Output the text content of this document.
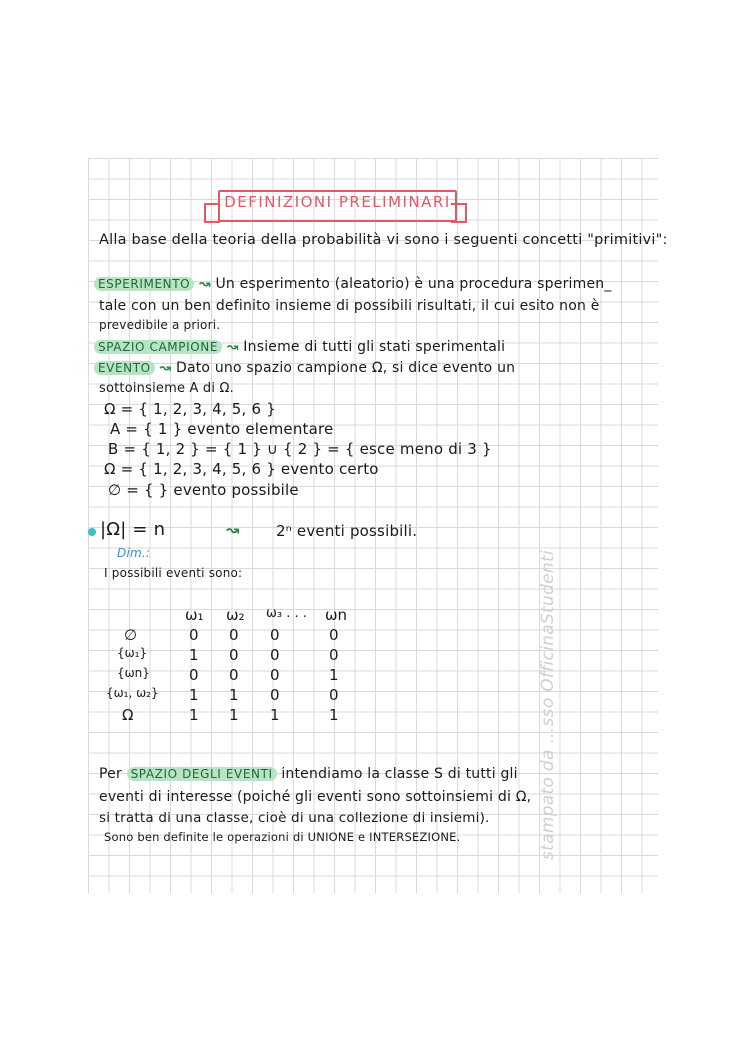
DEFINIZIONI PRELIMINARI
Alla base della teoria della probabilità vi sono i seguenti concetti "primitivi":
ESPERIMENTO ↝ Un esperimento (aleatorio) è una procedura sperimen_
tale con un ben definito insieme di possibili risultati, il cui esito non è
prevedibile a priori.
SPAZIO CAMPIONE ↝ Insieme di tutti gli stati sperimentali
EVENTO ↝ Dato uno spazio campione Ω, si dice evento un
sottoinsieme A di Ω.
Ω = { 1, 2, 3, 4, 5, 6 }
A = { 1 } evento elementare
B = { 1, 2 } = { 1 } ∪ { 2 } = { esce meno di 3 }
Ω = { 1, 2, 3, 4, 5, 6 } evento certo
∅ = { } evento possibile
|Ω| = n	↝ 2ⁿ eventi possibili.
Dim.:
I possibili eventi sono:
ω₁ ω₂ ω₃ . . . ωn
∅	0 0 0	0
{ω₁}	1 0 0	0
{ωn}	0 0 0	1
{ω₁, ω₂} 1 1 0	0
Ω	1 1 1	1
Per SPAZIO DEGLI EVENTI intendiamo la classe S di tutti gli
eventi di interesse (poiché gli eventi sono sottoinsiemi di Ω,
si tratta di una classe, cioè di una collezione di insiemi).
Sono ben definite le operazioni di UNIONE e INTERSEZIONE.	stampato da ...sso OfficinaStudenti
